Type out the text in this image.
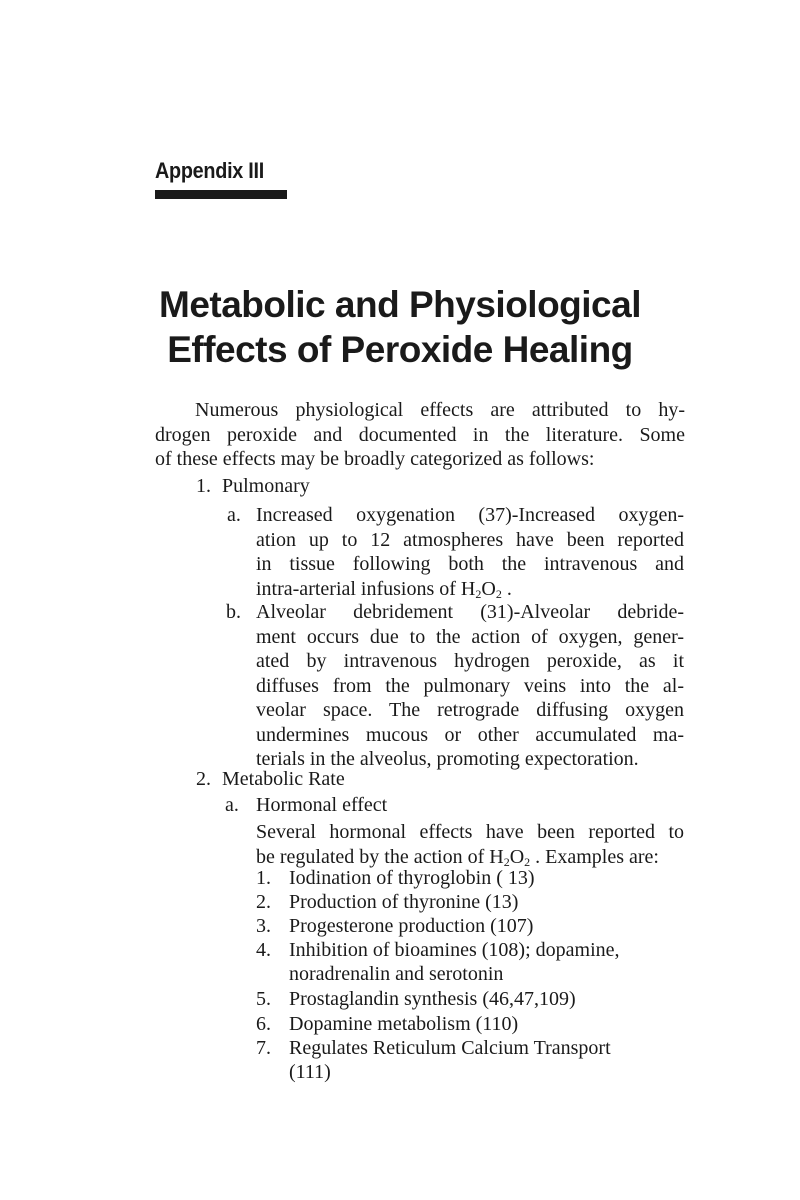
Appendix III
Metabolic and Physiological
Effects of Peroxide Healing
Numerous physiological effects are attributed to hy-
drogen peroxide and documented in the literature. Some
of these effects may be broadly categorized as follows:
1. Pulmonary
a. Increased oxygenation (37)-Increased oxygen-
ation up to 12 atmospheres have been reported
in tissue following both the intravenous and
intra-arterial infusions of $H_2O_2$ .
b. Alveolar debridement (31)-Alveolar debride-
ment occurs due to the action of oxygen, gener-
ated by intravenous hydrogen peroxide, as it
diffuses from the pulmonary veins into the al-
veolar space. The retrograde diffusing oxygen
undermines mucous or other accumulated ma-
terials in the alveolus, promoting expectoration.
2. Metabolic Rate
a. Hormonal effect
Several hormonal effects have been reported to
be regulated by the action of $H_2O_2$ . Examples are:
1. Iodination of thyroglobin ( 13)
2. Production of thyronine (13)
3. Progesterone production (107)
4. Inhibition of bioamines (108); dopamine,
noradrenalin and serotonin
5. Prostaglandin synthesis (46,47,109)
6. Dopamine metabolism (110)
7. Regulates Reticulum Calcium Transport
(111)
